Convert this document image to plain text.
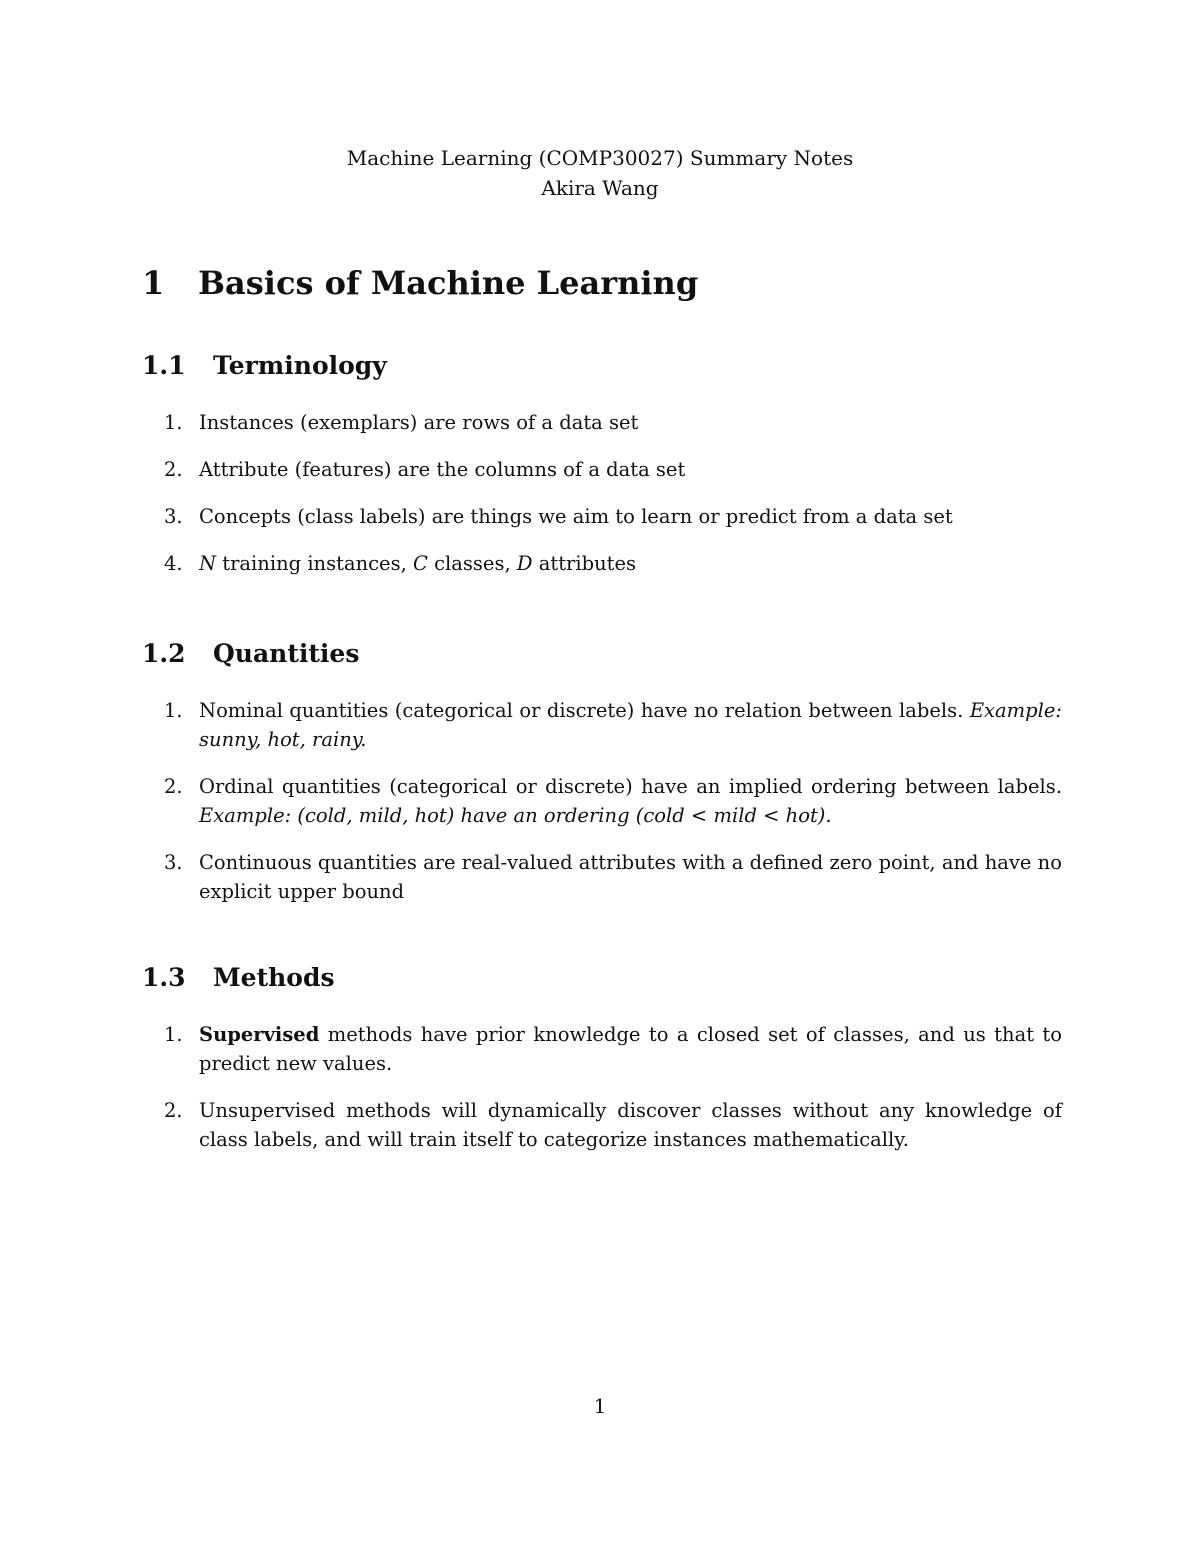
Machine Learning (COMP30027) Summary Notes
Akira Wang
1 Basics of Machine Learning
1.1 Terminology
1. Instances (exemplars) are rows of a data set
2. Attribute (features) are the columns of a data set
3. Concepts (class labels) are things we aim to learn or predict from a data set
4. N training instances, C classes, D attributes
1.2 Quantities
1. Nominal quantities (categorical or discrete) have no relation between labels. Example: sunny, hot, rainy.
2. Ordinal quantities (categorical or discrete) have an implied ordering between labels. Example: (cold, mild, hot) have an ordering (cold < mild < hot).
3. Continuous quantities are real-valued attributes with a defined zero point, and have no explicit upper bound
1.3 Methods
1. Supervised methods have prior knowledge to a closed set of classes, and us that to predict new values.
2. Unsupervised methods will dynamically discover classes without any knowledge of class labels, and will train itself to categorize instances mathematically.
1
